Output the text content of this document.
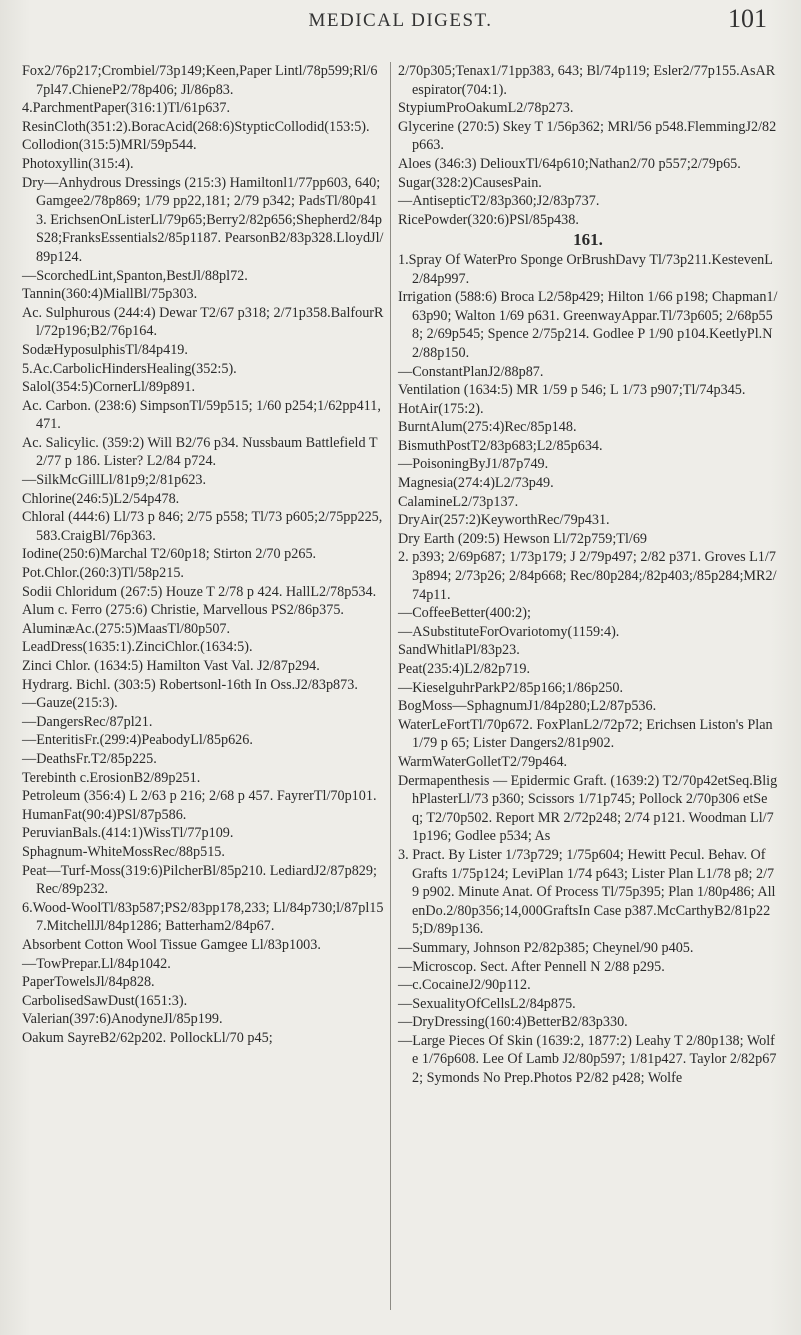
MEDICAL DIGEST.	101

Fox2/76p217;Crombiel/73p149;Keen,Paper Lintl/78p599;Rl/67pl47.ChieneP2/78p406; Jl/86p83.

4.ParchmentPaper(316:1)Tl/61p637.

ResinCloth(351:2).BoracAcid(268:6)StypticCollodid(153:5).

Collodion(315:5)MRl/59p544.

Photoxyllin(315:4).

Dry—Anhydrous Dressings (215:3) Hamiltonl1/77pp603, 640; Gamgee2/78p869; 1/79 pp22,181; 2/79 p342; PadsTl/80p413. ErichsenOnListerLl/79p65;Berry2/82p656;Shepherd2/84pS28;FranksEssentials2/85p1187. PearsonB2/83p328.LloydJl/89p124.

—ScorchedLint,Spanton,BestJl/88pl72.

Tannin(360:4)MiallBl/75p303.

Ac. Sulphurous (244:4) Dewar T2/67 p318; 2/71p358.BalfourRl/72p196;B2/76p164.

SodæHyposulphisTl/84p419.

5.Ac.CarbolicHindersHealing(352:5).

Salol(354:5)CornerLl/89p891.

Ac. Carbon. (238:6) SimpsonTl/59p515; 1/60 p254;1/62pp411,471.

Ac. Salicylic. (359:2) Will B2/76 p34. Nussbaum Battlefield T 2/77 p 186. Lister? L2/84 p724.

—SilkMcGillLl/81p9;2/81p623.

Chlorine(246:5)L2/54p478.

Chloral (444:6) Ll/73 p 846; 2/75 p558; Tl/73 p605;2/75pp225,583.CraigBl/76p363.

Iodine(250:6)Marchal T2/60p18; Stirton 2/70 p265.

Pot.Chlor.(260:3)Tl/58p215.

Sodii Chloridum (267:5) Houze T 2/78 p 424. HallL2/78p534.

Alum c. Ferro (275:6) Christie, Marvellous PS2/86p375.

AluminæAc.(275:5)MaasTl/80p507.

LeadDress(1635:1).ZinciChlor.(1634:5).

Zinci Chlor. (1634:5) Hamilton Vast Val. J2/87p294.

Hydrarg. Bichl. (303:5) Robertsonl-16th In Oss.J2/83p873.

—Gauze(215:3).

—DangersRec/87pl21.

—EnteritisFr.(299:4)PeabodyLl/85p626.

—DeathsFr.T2/85p225.

Terebinth c.ErosionB2/89p251.

Petroleum (356:4) L 2/63 p 216; 2/68 p 457. FayrerTl/70p101.

HumanFat(90:4)PSl/87p586.

PeruvianBals.(414:1)WissTl/77p109.

Sphagnum-WhiteMossRec/88p515.

Peat—Turf-Moss(319:6)PilcherBl/85p210. LediardJ2/87p829;Rec/89p232.

6.Wood-WoolTl/83p587;PS2/83pp178,233; Ll/84p730;l/87pl157.MitchellJl/84p1286; Batterham2/84p67.

Absorbent Cotton Wool Tissue Gamgee Ll/83p1003.

—TowPrepar.Ll/84p1042.

PaperTowelsJl/84p828.

CarbolisedSawDust(1651:3).

Valerian(397:6)AnodyneJl/85p199.

Oakum SayreB2/62p202. PollockLl/70 p45;

2/70p305;Tenax1/71pp383, 643; Bl/74p119; Esler2/77p155.AsARespirator(704:1).

StypiumProOakumL2/78p273.

Glycerine (270:5) Skey T 1/56p362; MRl/56 p548.FlemmingJ2/82p663.

Aloes (346:3) DeliouxTl/64p610;Nathan2/70 p557;2/79p65.

Sugar(328:2)CausesPain.

—AntisepticT2/83p360;J2/83p737.

RicePowder(320:6)PSl/85p438.

161.

1.Spray Of WaterPro Sponge OrBrushDavy Tl/73p211.KestevenL2/84p997.

Irrigation (588:6) Broca L2/58p429; Hilton 1/66 p198; Chapman1/63p90; Walton 1/69 p631. GreenwayAppar.Tl/73p605; 2/68p558; 2/69p545; Spence 2/75p214. Godlee P 1/90 p104.KeetlyPl.N2/88p150.

—ConstantPlanJ2/88p87.

Ventilation (1634:5) MR 1/59 p 546; L 1/73 p907;Tl/74p345.

HotAir(175:2).

BurntAlum(275:4)Rec/85p148.

BismuthPostT2/83p683;L2/85p634.

—PoisoningByJ1/87p749.

Magnesia(274:4)L2/73p49.

CalamineL2/73p137.

DryAir(257:2)KeyworthRec/79p431.

Dry Earth (209:5) Hewson Ll/72p759;Tl/69

2. p393; 2/69p687; 1/73p179; J 2/79p497; 2/82 p371. Groves L1/73p894; 2/73p26; 2/84p668; Rec/80p284;/82p403;/85p284;MR2/74p11.

—CoffeeBetter(400:2);

—ASubstituteForOvariotomy(1159:4).

SandWhitlaPl/83p23.

Peat(235:4)L2/82p719.

—KieselguhrParkP2/85p166;1/86p250.

BogMoss—SphagnumJ1/84p280;L2/87p536.

WaterLeFortTl/70p672. FoxPlanL2/72p72; Erichsen Liston's Plan 1/79 p 65; Lister Dangers2/81p902.

WarmWaterGolletT2/79p464.

Dermapenthesis — Epidermic Graft. (1639:2) T2/70p42etSeq.BlighPlasterLl/73 p360; Scissors 1/71p745; Pollock 2/70p306 etSeq; T2/70p502. Report MR 2/72p248; 2/74 p121. Woodman Ll/71p196; Godlee p534; As

3. Pract. By Lister 1/73p729; 1/75p604; Hewitt Pecul. Behav. Of Grafts 1/75p124; LeviPlan 1/74 p643; Lister Plan L1/78 p8; 2/79 p902. Minute Anat. Of Process Tl/75p395; Plan 1/80p486; AllenDo.2/80p356;14,000GraftsIn Case p387.McCarthyB2/81p225;D/89p136.

—Summary, Johnson P2/82p385; Cheynel/90 p405.

—Microscop. Sect. After Pennell N 2/88 p295.

—c.CocaineJ2/90p112.

—SexualityOfCellsL2/84p875.

—DryDressing(160:4)BetterB2/83p330.

—Large Pieces Of Skin (1639:2, 1877:2) Leahy T 2/80p138; Wolfe 1/76p608. Lee Of Lamb J2/80p597; 1/81p427. Taylor 2/82p672; Symonds No Prep.Photos P2/82 p428; Wolfe
